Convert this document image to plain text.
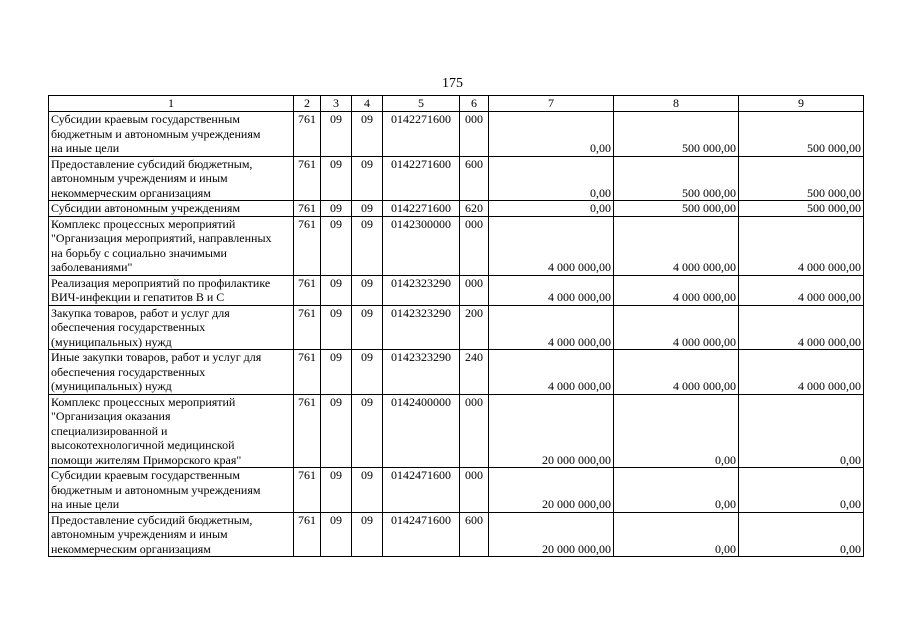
175
1	2	3	4	5	6	7	8	9

Субсидии краевым государственным
бюджетным и автономным учреждениям
на иные цели	761	09	09	0142271600	000	0,00	500 000,00	500 000,00

Предоставление субсидий бюджетным,
автономным учреждениям и иным
некоммерческим организациям	761	09	09	0142271600	600	0,00	500 000,00	500 000,00

Субсидии автономным учреждениям	761	09	09	0142271600	620	0,00	500 000,00	500 000,00

Комплекс процессных мероприятий
"Организация мероприятий, направленных
на борьбу с социально значимыми
заболеваниями"	761	09	09	0142300000	000	4 000 000,00	4 000 000,00	4 000 000,00

Реализация мероприятий по профилактике
ВИЧ-инфекции и гепатитов В и С	761	09	09	0142323290	000	4 000 000,00	4 000 000,00	4 000 000,00

Закупка товаров, работ и услуг для
обеспечения государственных
(муниципальных) нужд	761	09	09	0142323290	200	4 000 000,00	4 000 000,00	4 000 000,00

Иные закупки товаров, работ и услуг для
обеспечения государственных
(муниципальных) нужд	761	09	09	0142323290	240	4 000 000,00	4 000 000,00	4 000 000,00

Комплекс процессных мероприятий
"Организация оказания
специализированной и
высокотехнологичной медицинской
помощи жителям Приморского края"	761	09	09	0142400000	000	20 000 000,00	0,00	0,00

Субсидии краевым государственным
бюджетным и автономным учреждениям
на иные цели	761	09	09	0142471600	000	20 000 000,00	0,00	0,00

Предоставление субсидий бюджетным,
автономным учреждениям и иным
некоммерческим организациям	761	09	09	0142471600	600	20 000 000,00	0,00	0,00
